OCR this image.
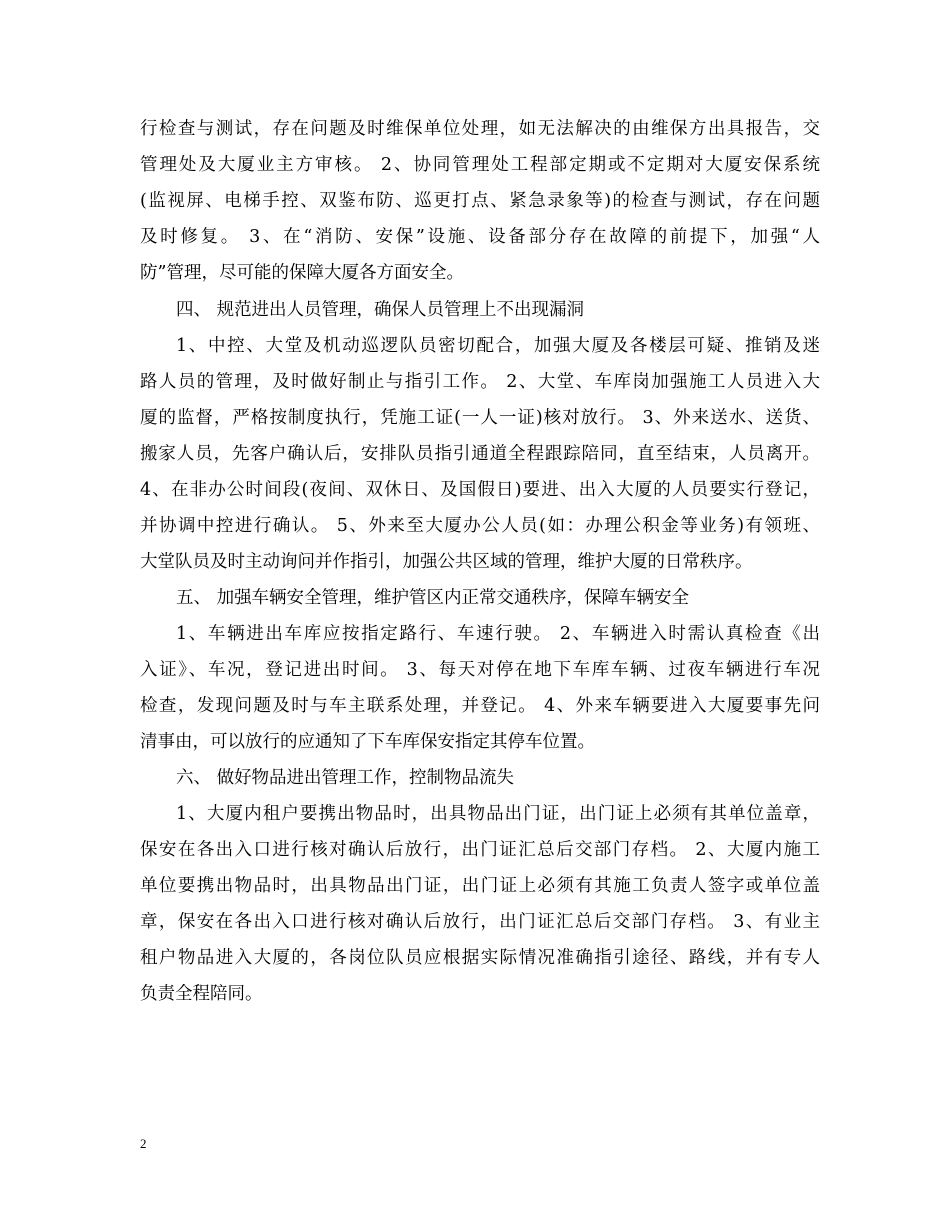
行检查与测试，存在问题及时维保单位处理，如无法解决的由维保方出具报告，交
管理处及大厦业主方审核。 2、协同管理处工程部定期或不定期对大厦安保系统
(监视屏、电梯手控、双鉴布防、巡更打点、紧急录象等)的检查与测试，存在问题
及时修复。 3、在“消防、安保”设施、设备部分存在故障的前提下，加强“人
防”管理，尽可能的保障大厦各方面安全。
四、 规范进出人员管理，确保人员管理上不出现漏洞
1、中控、大堂及机动巡逻队员密切配合，加强大厦及各楼层可疑、推销及迷
路人员的管理，及时做好制止与指引工作。 2、大堂、车库岗加强施工人员进入大
厦的监督，严格按制度执行，凭施工证(一人一证)核对放行。 3、外来送水、送货、
搬家人员，先客户确认后，安排队员指引通道全程跟踪陪同，直至结束，人员离开。
4、在非办公时间段(夜间、双休日、及国假日)要进、出入大厦的人员要实行登记，
并协调中控进行确认。 5、外来至大厦办公人员(如：办理公积金等业务)有领班、
大堂队员及时主动询问并作指引，加强公共区域的管理，维护大厦的日常秩序。
五、 加强车辆安全管理，维护管区内正常交通秩序，保障车辆安全
1、车辆进出车库应按指定路行、车速行驶。 2、车辆进入时需认真检查《出
入证》、车况，登记进出时间。 3、每天对停在地下车库车辆、过夜车辆进行车况
检查，发现问题及时与车主联系处理，并登记。 4、外来车辆要进入大厦要事先问
清事由，可以放行的应通知了下车库保安指定其停车位置。
六、 做好物品进出管理工作，控制物品流失
1、大厦内租户要携出物品时，出具物品出门证，出门证上必须有其单位盖章，
保安在各出入口进行核对确认后放行，出门证汇总后交部门存档。 2、大厦内施工
单位要携出物品时，出具物品出门证，出门证上必须有其施工负责人签字或单位盖
章，保安在各出入口进行核对确认后放行，出门证汇总后交部门存档。 3、有业主
租户物品进入大厦的，各岗位队员应根据实际情况准确指引途径、路线，并有专人
负责全程陪同。
2
